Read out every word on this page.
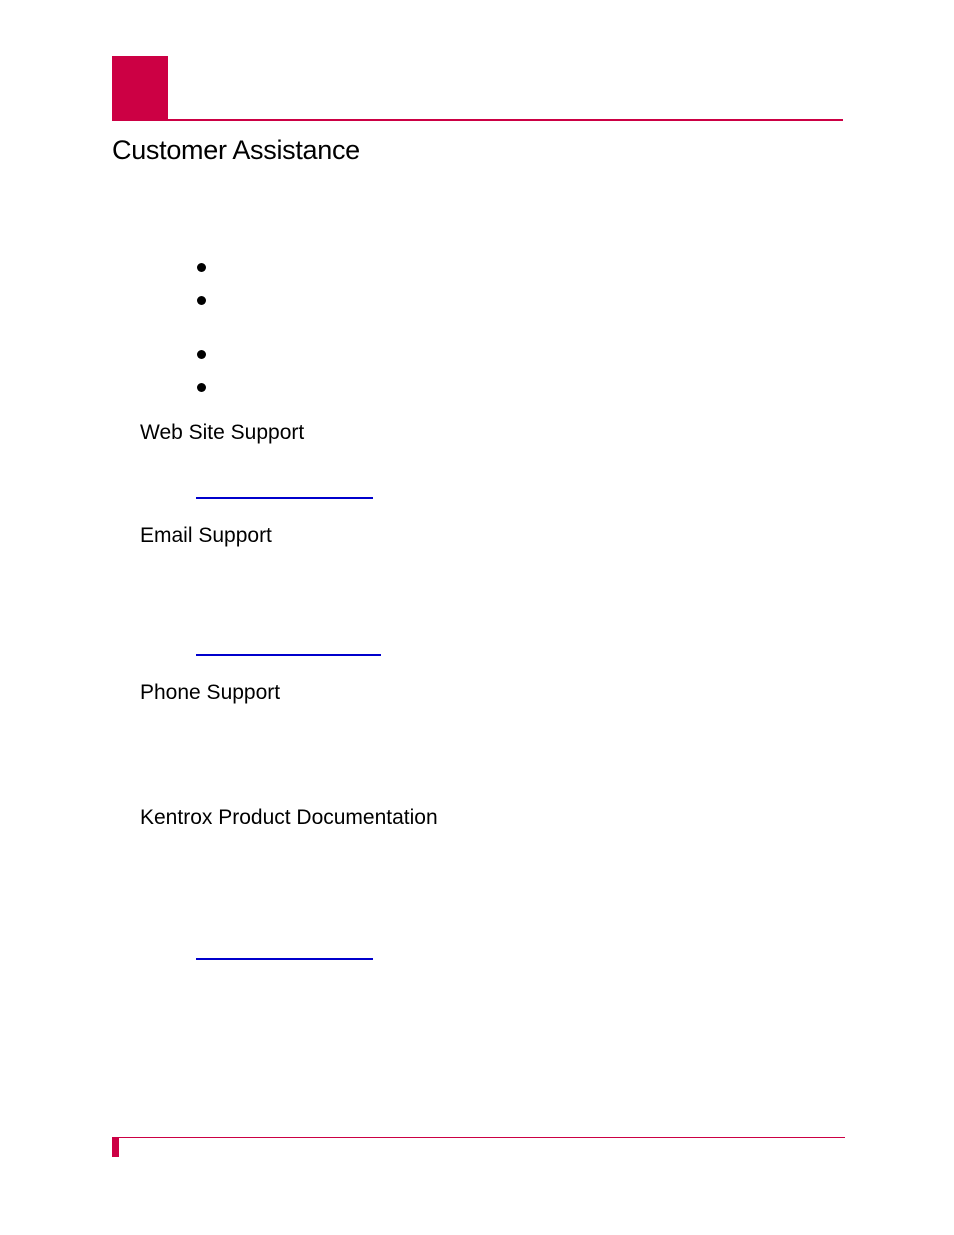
Customer Assistance
Web Site Support
Email Support
Phone Support
Kentrox Product Documentation
